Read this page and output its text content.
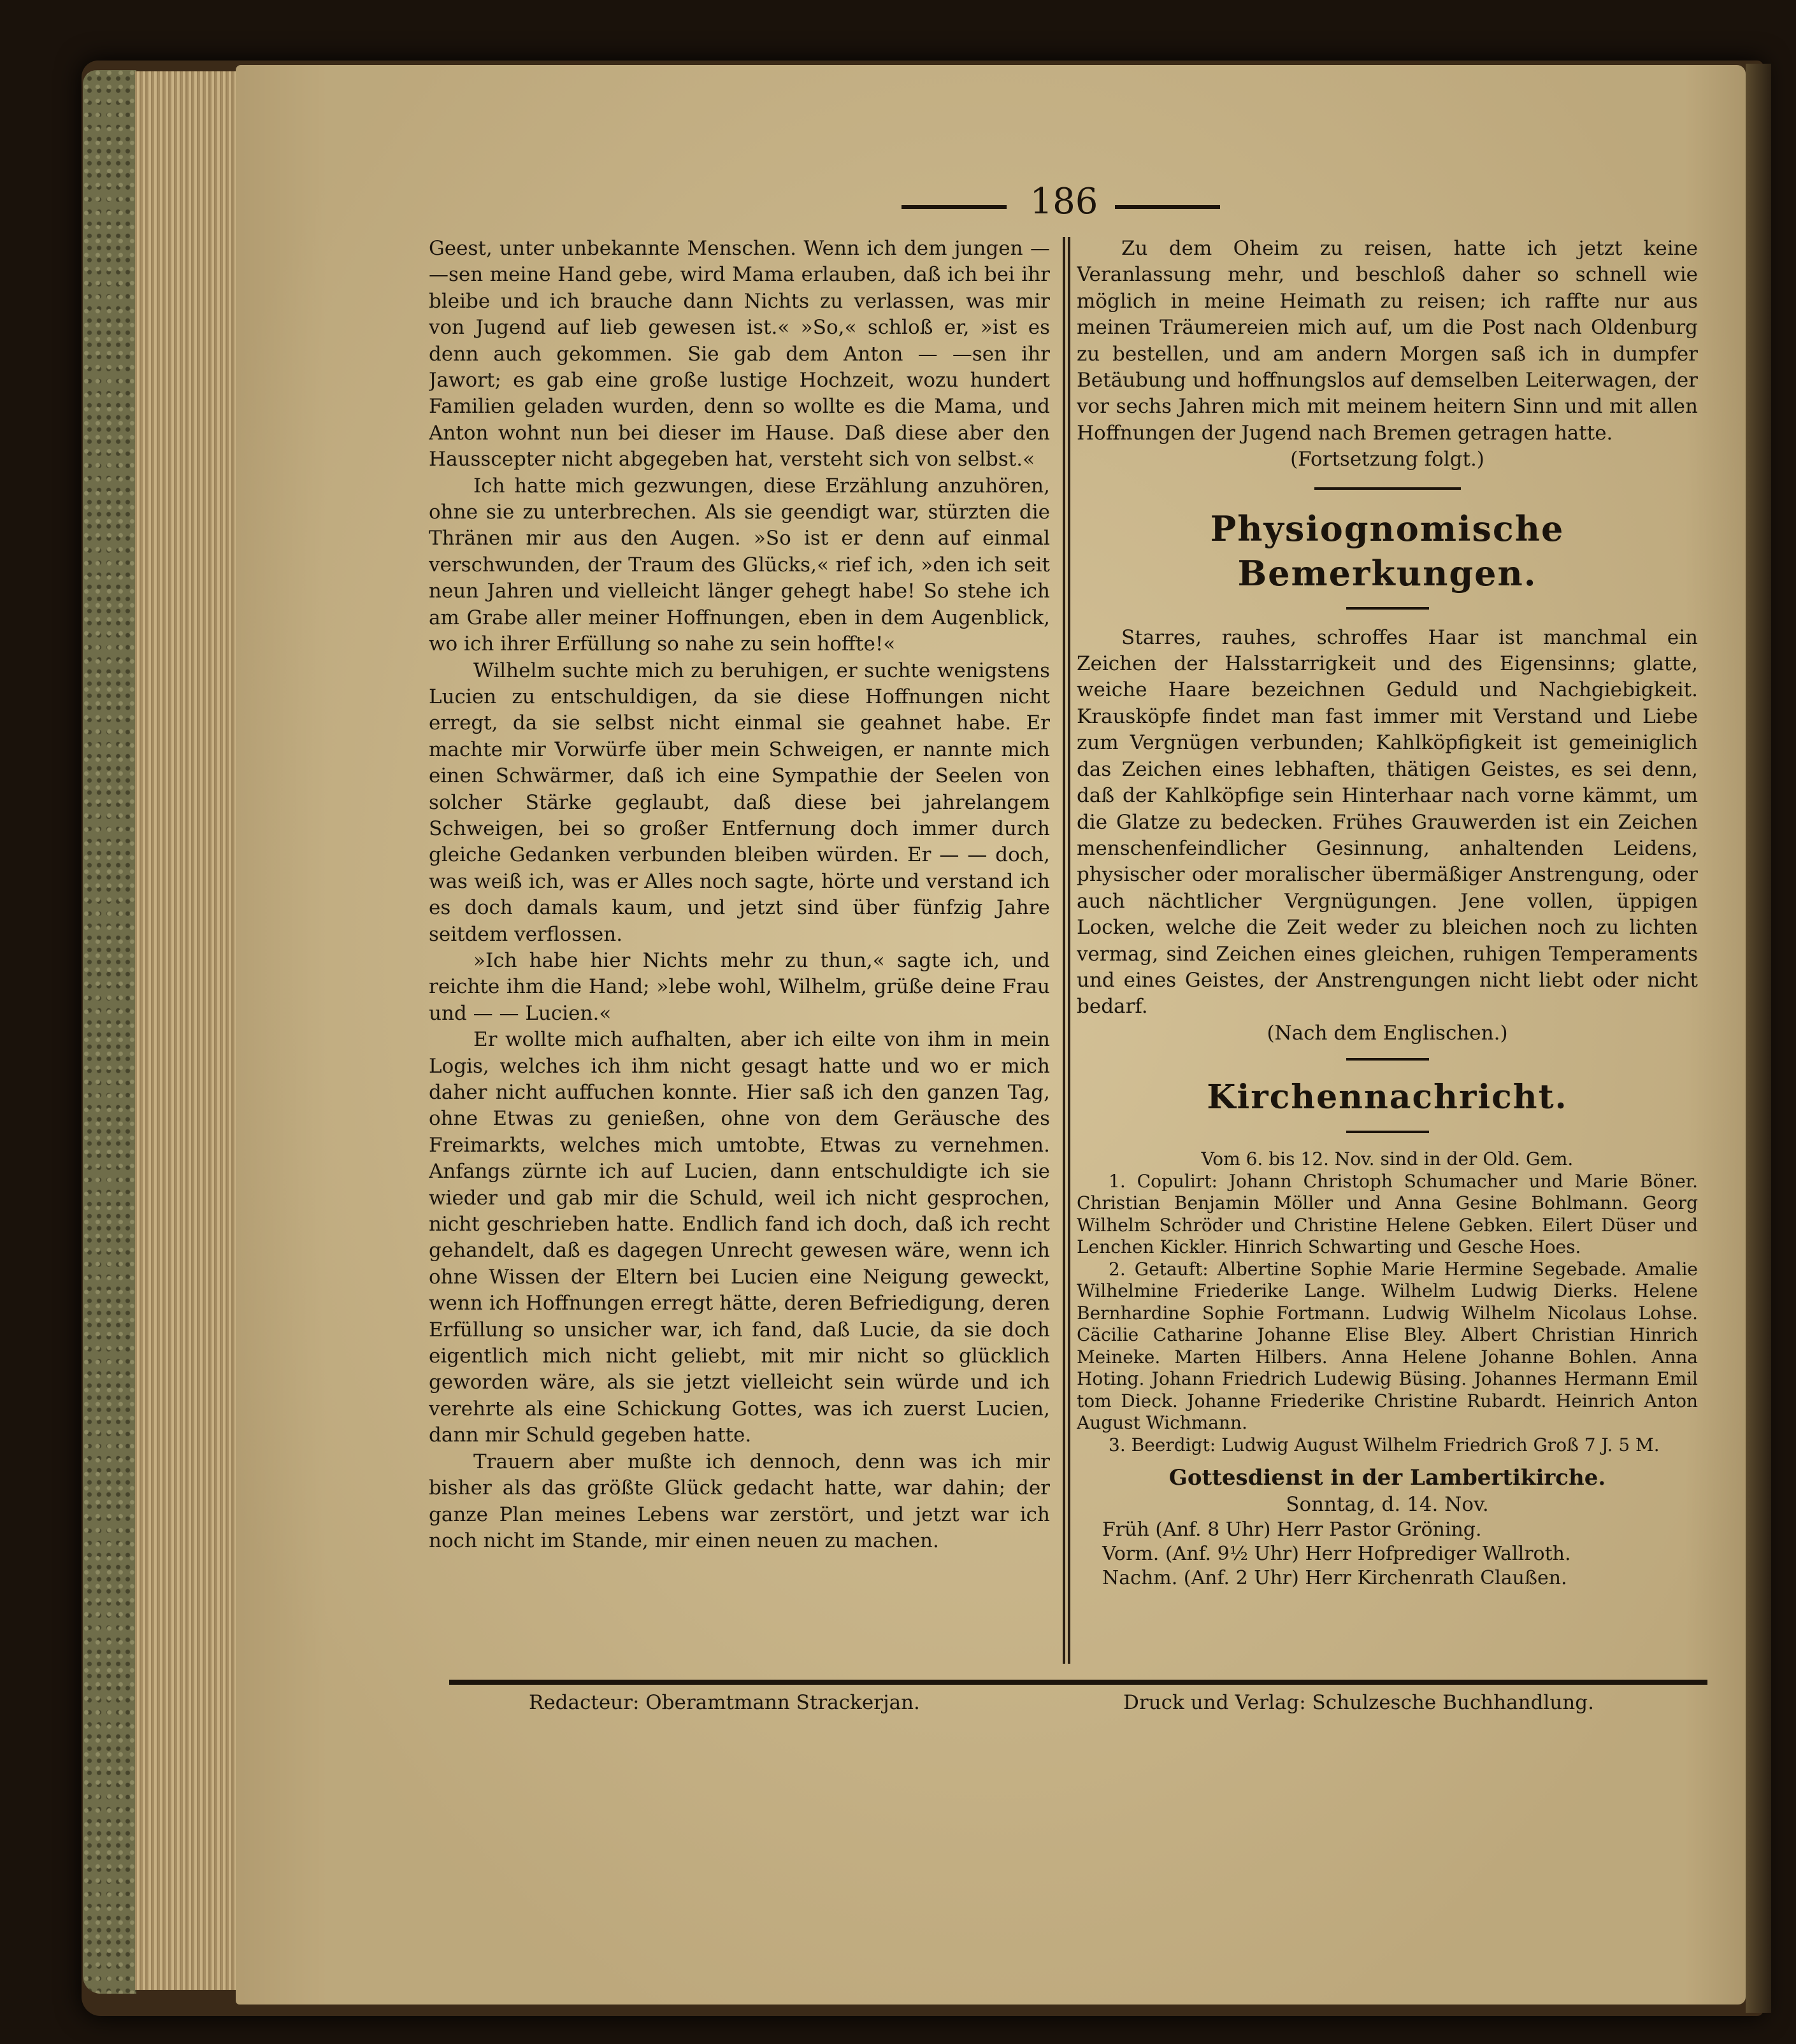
186

Geest, unter unbekannte Menschen. Wenn ich dem jungen — —sen meine Hand gebe, wird Mama erlauben, daß ich bei ihr bleibe und ich brauche dann Nichts zu verlassen, was mir von Jugend auf lieb gewesen ist.« »So,« schloß er, »ist es denn auch gekommen. Sie gab dem Anton — —sen ihr Jawort; es gab eine große lustige Hochzeit, wozu hundert Familien geladen wurden, denn so wollte es die Mama, und Anton wohnt nun bei dieser im Hause. Daß diese aber den Hausscepter nicht abgegeben hat, versteht sich von selbst.«

Ich hatte mich gezwungen, diese Erzählung anzuhören, ohne sie zu unterbrechen. Als sie geendigt war, stürzten die Thränen mir aus den Augen. »So ist er denn auf einmal verschwunden, der Traum des Glücks,« rief ich, »den ich seit neun Jahren und vielleicht länger gehegt habe! So stehe ich am Grabe aller meiner Hoffnungen, eben in dem Augenblick, wo ich ihrer Erfüllung so nahe zu sein hoffte!«

Wilhelm suchte mich zu beruhigen, er suchte wenigstens Lucien zu entschuldigen, da sie diese Hoffnungen nicht erregt, da sie selbst nicht einmal sie geahnet habe. Er machte mir Vorwürfe über mein Schweigen, er nannte mich einen Schwärmer, daß ich eine Sympathie der Seelen von solcher Stärke geglaubt, daß diese bei jahrelangem Schweigen, bei so großer Entfernung doch immer durch gleiche Gedanken verbunden bleiben würden. Er — — doch, was weiß ich, was er Alles noch sagte, hörte und verstand ich es doch damals kaum, und jetzt sind über fünfzig Jahre seitdem verflossen.

»Ich habe hier Nichts mehr zu thun,« sagte ich, und reichte ihm die Hand; »lebe wohl, Wilhelm, grüße deine Frau und — — Lucien.«

Er wollte mich aufhalten, aber ich eilte von ihm in mein Logis, welches ich ihm nicht gesagt hatte und wo er mich daher nicht auffuchen konnte. Hier saß ich den ganzen Tag, ohne Etwas zu genießen, ohne von dem Geräusche des Freimarkts, welches mich umtobte, Etwas zu vernehmen. Anfangs zürnte ich auf Lucien, dann entschuldigte ich sie wieder und gab mir die Schuld, weil ich nicht gesprochen, nicht geschrieben hatte. Endlich fand ich doch, daß ich recht gehandelt, daß es dagegen Unrecht gewesen wäre, wenn ich ohne Wissen der Eltern bei Lucien eine Neigung geweckt, wenn ich Hoffnungen erregt hätte, deren Befriedigung, deren Erfüllung so unsicher war, ich fand, daß Lucie, da sie doch eigentlich mich nicht geliebt, mit mir nicht so glücklich geworden wäre, als sie jetzt vielleicht sein würde und ich verehrte als eine Schickung Gottes, was ich zuerst Lucien, dann mir Schuld gegeben hatte.

Trauern aber mußte ich dennoch, denn was ich mir bisher als das größte Glück gedacht hatte, war dahin; der ganze Plan meines Lebens war zerstört, und jetzt war ich noch nicht im Stande, mir einen neuen zu machen.

Zu dem Oheim zu reisen, hatte ich jetzt keine Veranlassung mehr, und beschloß daher so schnell wie möglich in meine Heimath zu reisen; ich raffte nur aus meinen Träumereien mich auf, um die Post nach Oldenburg zu bestellen, und am andern Morgen saß ich in dumpfer Betäubung und hoffnungslos auf demselben Leiterwagen, der vor sechs Jahren mich mit meinem heitern Sinn und mit allen Hoffnungen der Jugend nach Bremen getragen hatte.

(Fortsetzung folgt.)

Physiognomische Bemerkungen.

Starres, rauhes, schroffes Haar ist manchmal ein Zeichen der Halsstarrigkeit und des Eigensinns; glatte, weiche Haare bezeichnen Geduld und Nachgiebigkeit. Krausköpfe findet man fast immer mit Verstand und Liebe zum Vergnügen verbunden; Kahlköpfigkeit ist gemeiniglich das Zeichen eines lebhaften, thätigen Geistes, es sei denn, daß der Kahlköpfige sein Hinterhaar nach vorne kämmt, um die Glatze zu bedecken. Frühes Grauwerden ist ein Zeichen menschenfeindlicher Gesinnung, anhaltenden Leidens, physischer oder moralischer übermäßiger Anstrengung, oder auch nächtlicher Vergnügungen. Jene vollen, üppigen Locken, welche die Zeit weder zu bleichen noch zu lichten vermag, sind Zeichen eines gleichen, ruhigen Temperaments und eines Geistes, der Anstrengungen nicht liebt oder nicht bedarf.

(Nach dem Englischen.)

Kirchennachricht.

Vom 6. bis 12. Nov. sind in der Old. Gem.

1. Copulirt: Johann Christoph Schumacher und Marie Böner. Christian Benjamin Möller und Anna Gesine Bohlmann. Georg Wilhelm Schröder und Christine Helene Gebken. Eilert Düser und Lenchen Kickler. Hinrich Schwarting und Gesche Hoes.

2. Getauft: Albertine Sophie Marie Hermine Segebade. Amalie Wilhelmine Friederike Lange. Wilhelm Ludwig Dierks. Helene Bernhardine Sophie Fortmann. Ludwig Wilhelm Nicolaus Lohse. Cäcilie Catharine Johanne Elise Bley. Albert Christian Hinrich Meineke. Marten Hilbers. Anna Helene Johanne Bohlen. Anna Hoting. Johann Friedrich Ludewig Büsing. Johannes Hermann Emil tom Dieck. Johanne Friederike Christine Rubardt. Heinrich Anton August Wichmann.

3. Beerdigt: Ludwig August Wilhelm Friedrich Groß 7 J. 5 M.

Gottesdienst in der Lambertikirche.

Sonntag, d. 14. Nov.

Früh (Anf. 8 Uhr) Herr Pastor Gröning.
Vorm. (Anf. 9½ Uhr) Herr Hofprediger Wallroth.
Nachm. (Anf. 2 Uhr) Herr Kirchenrath Claußen.
Redacteur: Oberamtmann Strackerjan.	Druck und Verlag: Schulzesche Buchhandlung.
